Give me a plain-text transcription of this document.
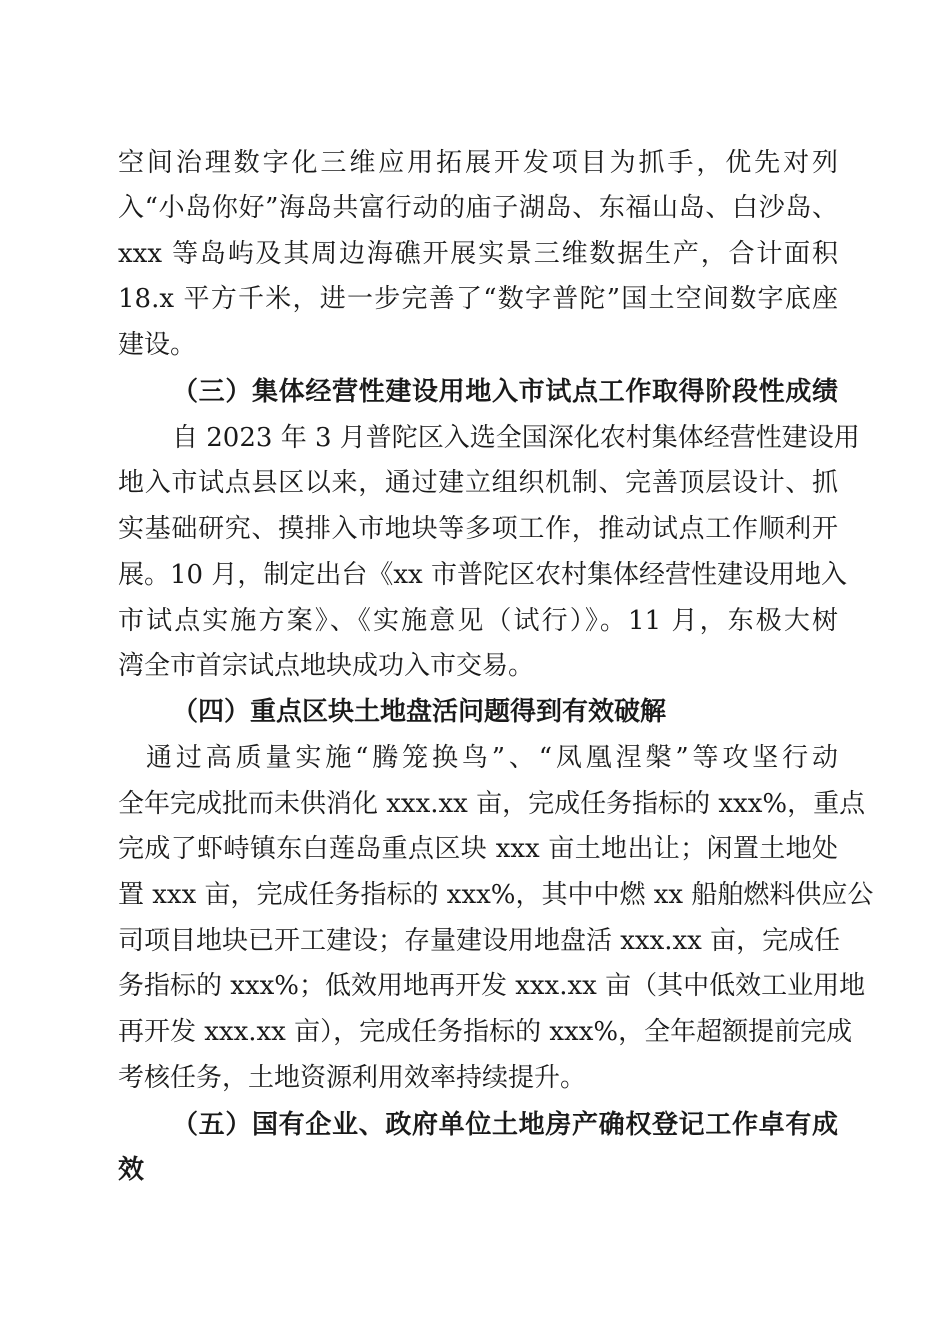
空间治理数字化三维应用拓展开发项目为抓手，优先对列
入“小岛你好”海岛共富行动的庙子湖岛、东福山岛、白沙岛、
xxx 等岛屿及其周边海礁开展实景三维数据生产，合计面积
18.x 平方千米，进一步完善了“数字普陀”国土空间数字底座
建设。
（三）集体经营性建设用地入市试点工作取得阶段性成绩
自 2023 年 3 月普陀区入选全国深化农村集体经营性建设用
地入市试点县区以来，通过建立组织机制、完善顶层设计、抓
实基础研究、摸排入市地块等多项工作，推动试点工作顺利开
展。10 月，制定出台《xx 市普陀区农村集体经营性建设用地入
市试点实施方案》、《实施意见（试行）》。11 月，东极大树
湾全市首宗试点地块成功入市交易。
（四）重点区块土地盘活问题得到有效破解
通过高质量实施“腾笼换鸟”、“凤凰涅槃”等攻坚行动
全年完成批而未供消化 xxx.xx 亩，完成任务指标的 xxx%，重点
完成了虾峙镇东白莲岛重点区块 xxx 亩土地出让；闲置土地处
置 xxx 亩，完成任务指标的 xxx%，其中中燃 xx 船舶燃料供应公
司项目地块已开工建设；存量建设用地盘活 xxx.xx 亩，完成任
务指标的 xxx%；低效用地再开发 xxx.xx 亩（其中低效工业用地
再开发 xxx.xx 亩），完成任务指标的 xxx%，全年超额提前完成
考核任务，土地资源利用效率持续提升。
（五）国有企业、政府单位土地房产确权登记工作卓有成
效
